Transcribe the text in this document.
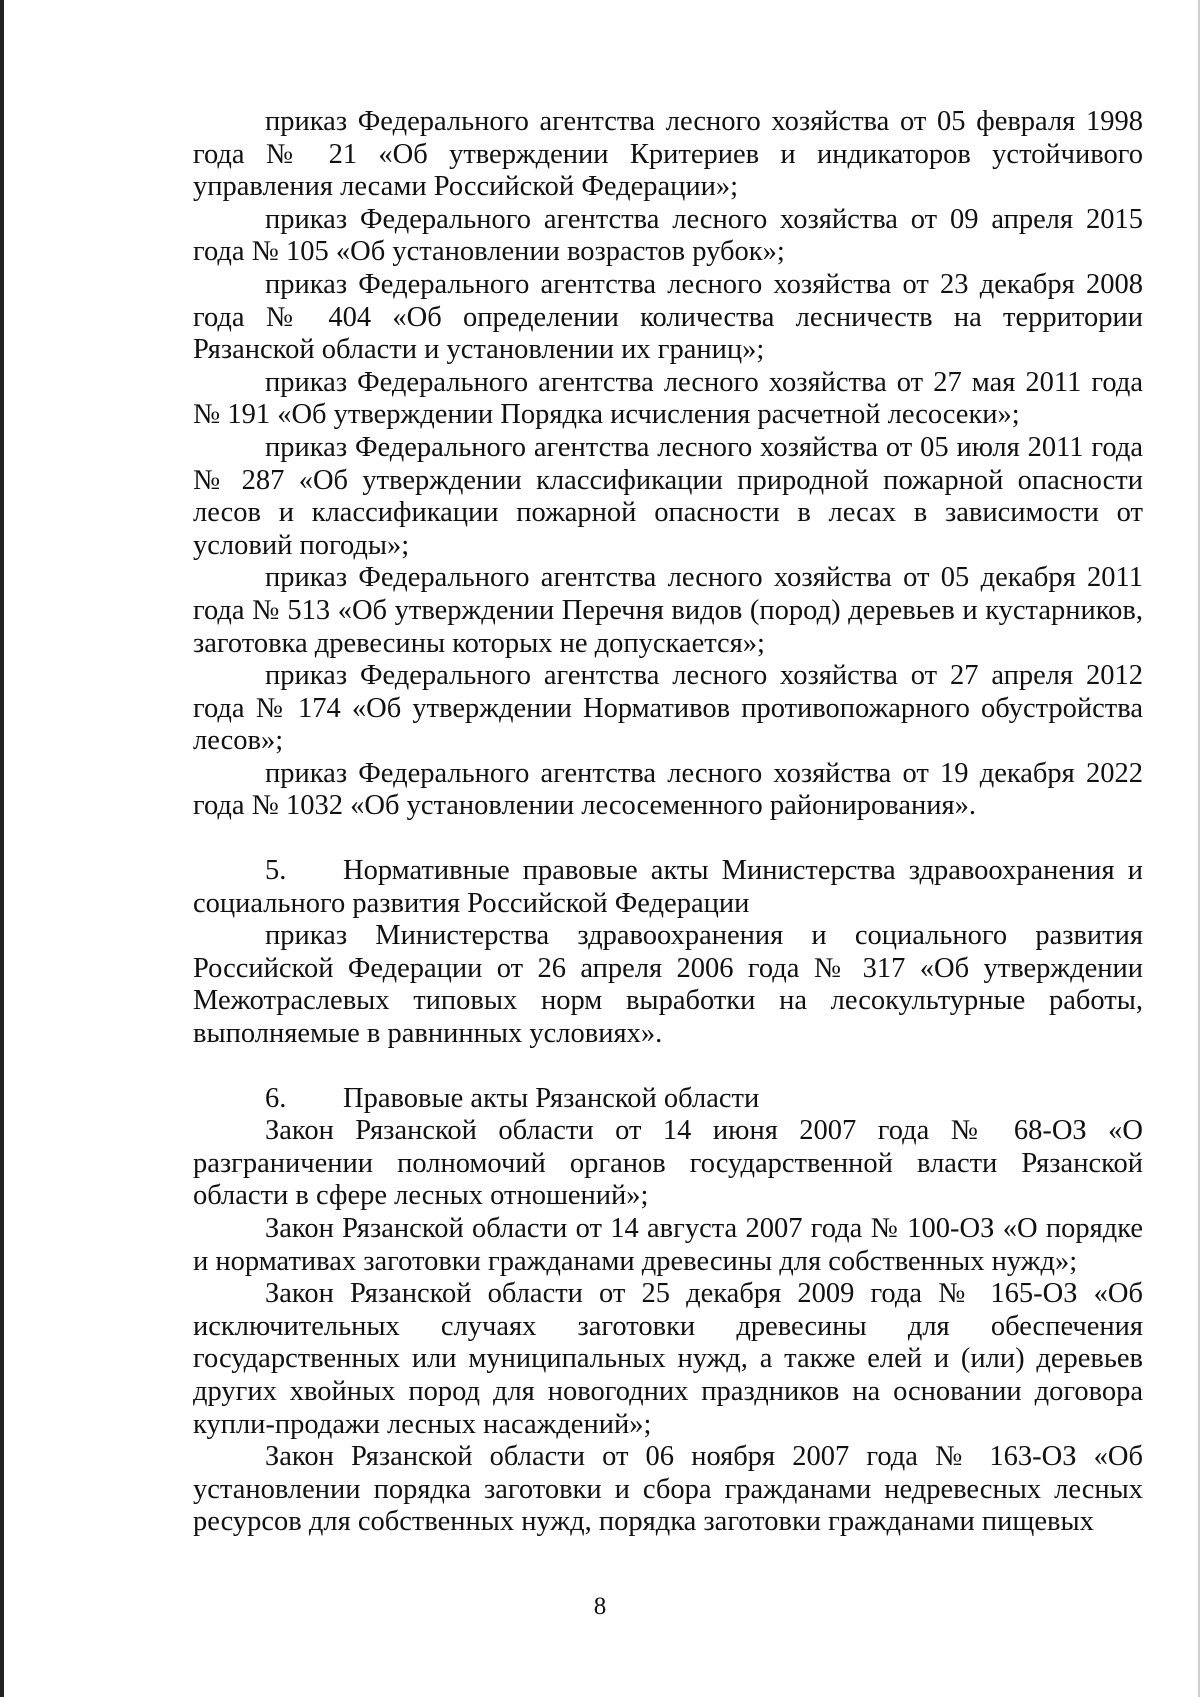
приказ Федерального агентства лесного хозяйства от 05 февраля 1998 года № 21 «Об утверждении Критериев и индикаторов устойчивого управления лесами Российской Федерации»;

приказ Федерального агентства лесного хозяйства от 09 апреля 2015 года № 105 «Об установлении возрастов рубок»;

приказ Федерального агентства лесного хозяйства от 23 декабря 2008 года № 404 «Об определении количества лесничеств на территории Рязанской области и установлении их границ»;

приказ Федерального агентства лесного хозяйства от 27 мая 2011 года № 191 «Об утверждении Порядка исчисления расчетной лесосеки»;

приказ Федерального агентства лесного хозяйства от 05 июля 2011 года № 287 «Об утверждении классификации природной пожарной опасности лесов и классификации пожарной опасности в лесах в зависимости от условий погоды»;

приказ Федерального агентства лесного хозяйства от 05 декабря 2011 года № 513 «Об утверждении Перечня видов (пород) деревьев и кустарников, заготовка древесины которых не допускается»;

приказ Федерального агентства лесного хозяйства от 27 апреля 2012 года № 174 «Об утверждении Нормативов противопожарного обустройства лесов»;

приказ Федерального агентства лесного хозяйства от 19 декабря 2022 года № 1032 «Об установлении лесосеменного районирования».

5. Нормативные правовые акты Министерства здравоохранения и социального развития Российской Федерации

приказ Министерства здравоохранения и социального развития Российской Федерации от 26 апреля 2006 года № 317 «Об утверждении Межотраслевых типовых норм выработки на лесокультурные работы, выполняемые в равнинных условиях».

6. Правовые акты Рязанской области

Закон Рязанской области от 14 июня 2007 года № 68-ОЗ «О разграничении полномочий органов государственной власти Рязанской области в сфере лесных отношений»;

Закон Рязанской области от 14 августа 2007 года № 100-ОЗ «О порядке и нормативах заготовки гражданами древесины для собственных нужд»;

Закон Рязанской области от 25 декабря 2009 года № 165-ОЗ «Об исключительных случаях заготовки древесины для обеспечения государственных или муниципальных нужд, а также елей и (или) деревьев других хвойных пород для новогодних праздников на основании договора купли-продажи лесных насаждений»;

Закон Рязанской области от 06 ноября 2007 года № 163-ОЗ «Об установлении порядка заготовки и сбора гражданами недревесных лесных ресурсов для собственных нужд, порядка заготовки гражданами пищевых

8
